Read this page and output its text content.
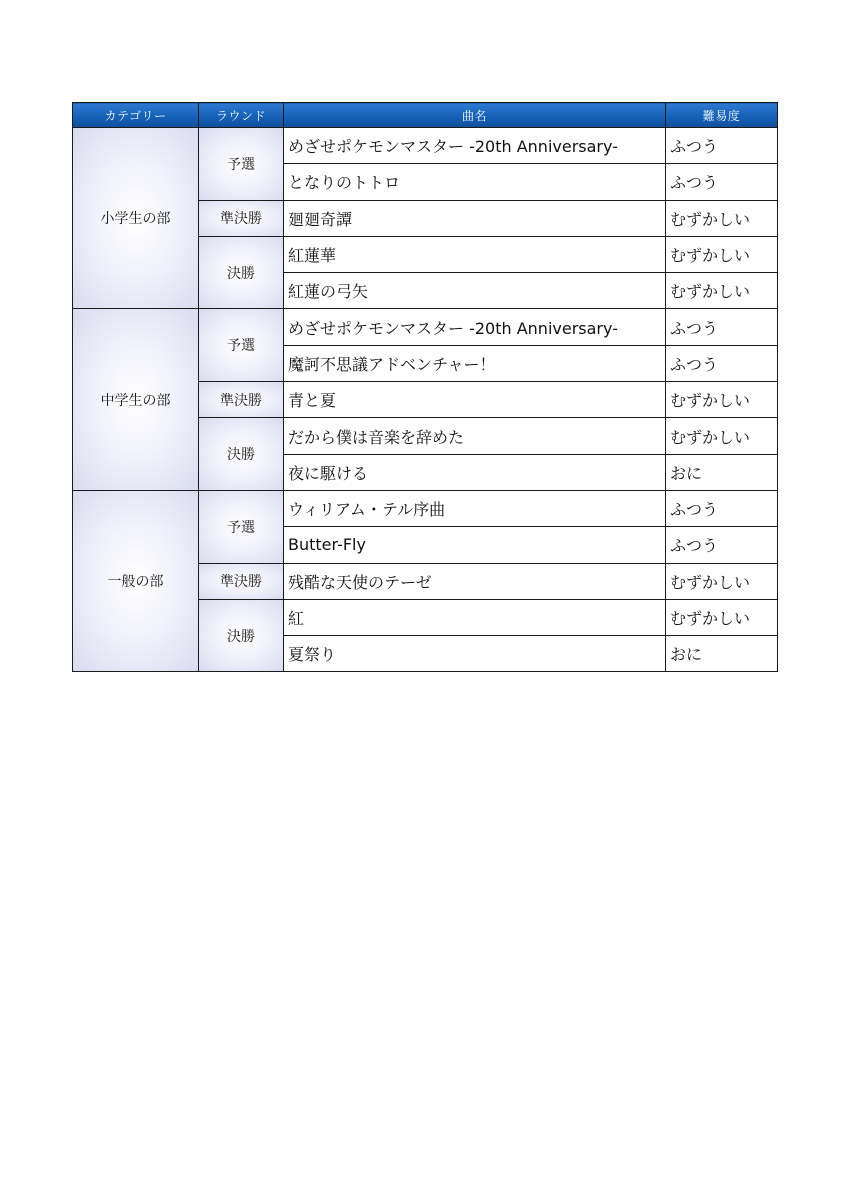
カテゴリー	ラウンド	曲名	難易度
小学生の部	予選	めざせポケモンマスター -20th Anniversary-	ふつう
		となりのトトロ	ふつう
	準決勝	廻廻奇譚	むずかしい
	決勝	紅蓮華	むずかしい
		紅蓮の弓矢	むずかしい
中学生の部	予選	めざせポケモンマスター -20th Anniversary-	ふつう
		魔訶不思議アドベンチャー！	ふつう
	準決勝	青と夏	むずかしい
	決勝	だから僕は音楽を辞めた	むずかしい
		夜に駆ける	おに
一般の部	予選	ウィリアム・テル序曲	ふつう
		Butter-Fly	ふつう
	準決勝	残酷な天使のテーゼ	むずかしい
	決勝	紅	むずかしい
		夏祭り	おに
